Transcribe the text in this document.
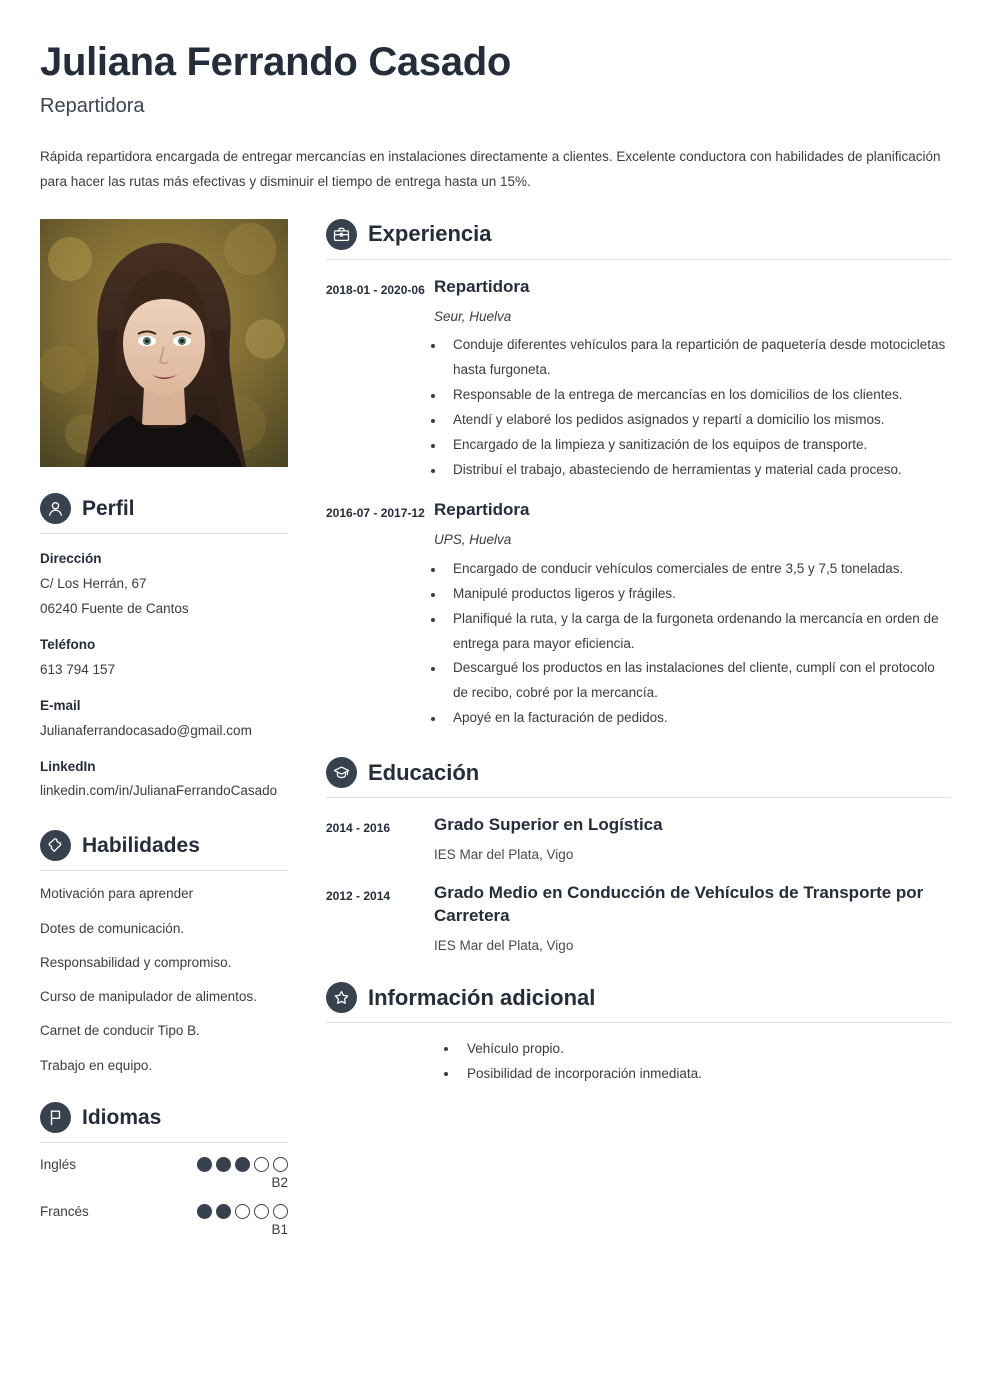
Juliana Ferrando Casado
Repartidora

Rápida repartidora encargada de entregar mercancías en instalaciones directamente a clientes. Excelente conductora con habilidades de planificación para hacer las rutas más efectivas y disminuir el tiempo de entrega hasta un 15%.

Perfil
Dirección
C/ Los Herrán, 67
06240 Fuente de Cantos
Teléfono
613 794 157
E-mail
Julianaferrandocasado@gmail.com
LinkedIn
linkedin.com/in/JulianaFerrandoCasado
Habilidades
Motivación para aprender
Dotes de comunicación.
Responsabilidad y compromiso.
Curso de manipulador de alimentos.
Carnet de conducir Tipo B.
Trabajo en equipo.
Idiomas
Inglés
B2
Francés
B1
Experiencia
2018-01 - 2020-06 Repartidora
Seur, Huelva
• Conduje diferentes vehículos para la repartición de paquetería desde motocicletas hasta furgoneta.
• Responsable de la entrega de mercancías en los domicilios de los clientes.
• Atendí y elaboré los pedidos asignados y repartí a domicilio los mismos.
• Encargado de la limpieza y sanitización de los equipos de transporte.
• Distribuí el trabajo, abasteciendo de herramientas y material cada proceso.
2016-07 - 2017-12 Repartidora
UPS, Huelva
• Encargado de conducir vehículos comerciales de entre 3,5 y 7,5 toneladas.
• Manipulé productos ligeros y frágiles.
• Planifiqué la ruta, y la carga de la furgoneta ordenando la mercancía en orden de entrega para mayor eficiencia.
• Descargué los productos en las instalaciones del cliente, cumplí con el protocolo de recibo, cobré por la mercancía.
• Apoyé en la facturación de pedidos.
Educación
2014 - 2016	Grado Superior en Logística
IES Mar del Plata, Vigo
2012 - 2014	Grado Medio en Conducción de Vehículos de Transporte por Carretera
IES Mar del Plata, Vigo
Información adicional
• Vehículo propio.
• Posibilidad de incorporación inmediata.
